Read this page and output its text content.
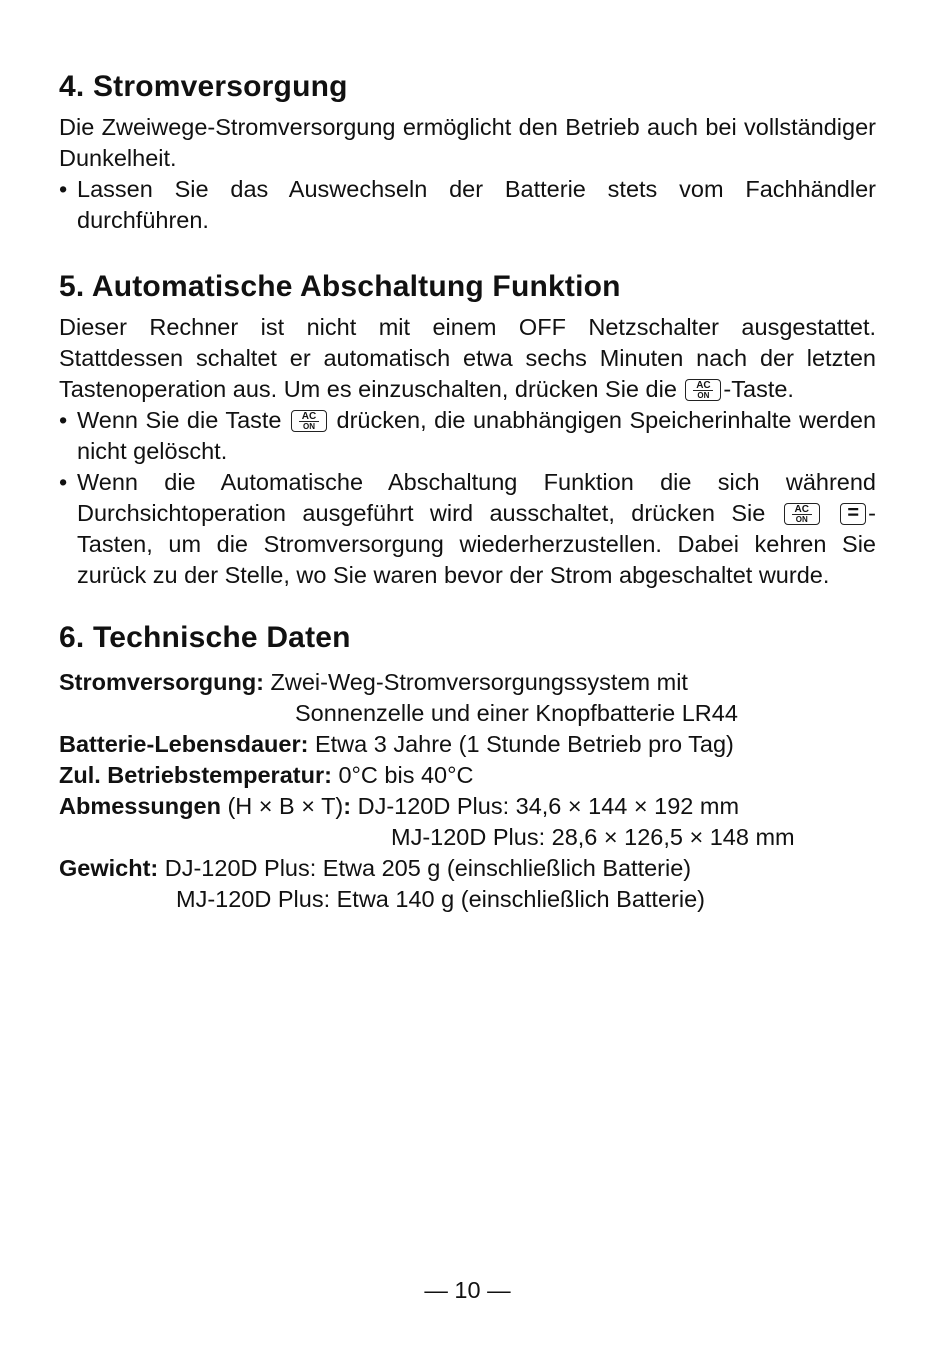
4. Stromversorgung

Die Zweiwege-Stromversorgung ermöglicht den Betrieb auch bei vollständiger Dunkelheit.

• Lassen Sie das Auswechseln der Batterie stets vom Fachhändler durchführen.
5. Automatische Abschaltung Funktion

Dieser Rechner ist nicht mit einem OFF Netzschalter ausgestattet. Stattdessen schaltet er automatisch etwa sechs Minuten nach der letzten Tastenoperation aus. Um es einzuschalten, drücken Sie die	AC
ON -Taste.

• Wenn Sie die Taste	AC
ON drücken, die unabhängigen Speicherinhalte werden nicht gelöscht.
• Wenn die Automatische Abschaltung Funktion die sich während Durchsichtoperation ausgeführt wird ausschaltet, drücken Sie	AC
ON
	= -Tasten, um die Stromversorgung wiederherzustellen. Dabei kehren Sie zurück zu der Stelle, wo Sie waren bevor der Strom abgeschaltet wurde.
6. Technische Daten
Stromversorgung: Zwei-Weg-Stromversorgungssystem mit
Sonnenzelle und einer Knopfbatterie LR44
Batterie-Lebensdauer: Etwa 3 Jahre (1 Stunde Betrieb pro Tag)
Zul. Betriebstemperatur: 0°C bis 40°C
Abmessungen (H × B × T): DJ-120D Plus: 34,6 × 144 × 192 mm
MJ-120D Plus: 28,6 × 126,5 × 148 mm
Gewicht: DJ-120D Plus: Etwa 205 g (einschließlich Batterie)
MJ-120D Plus: Etwa 140 g (einschließlich Batterie)
— 10 —
